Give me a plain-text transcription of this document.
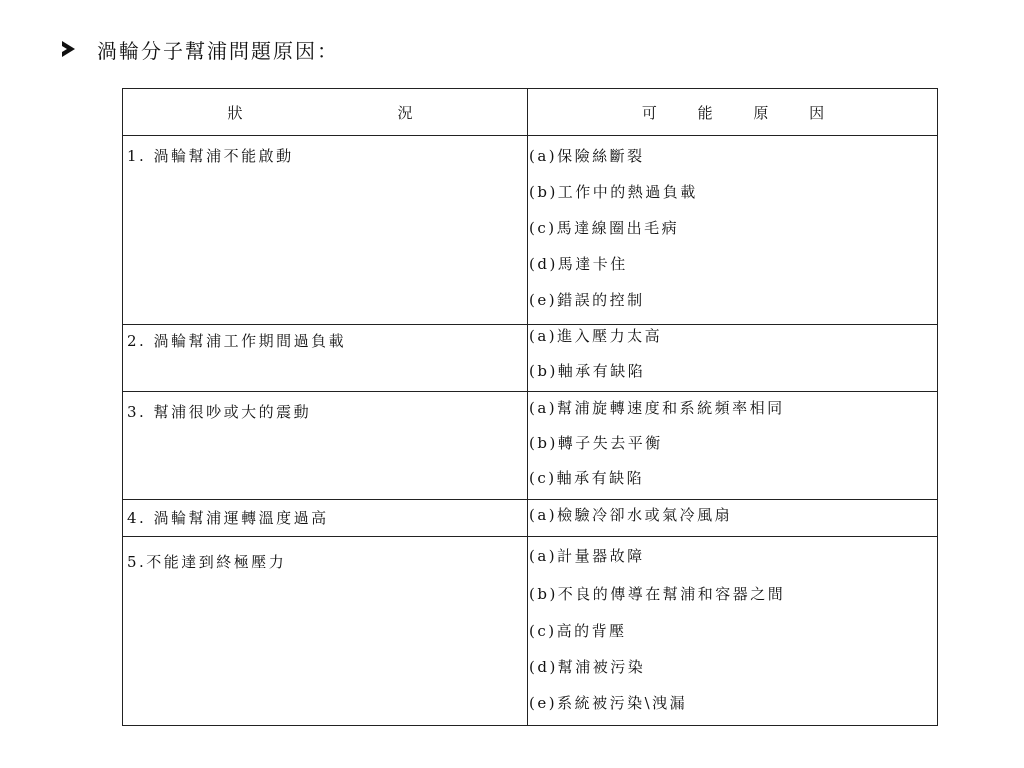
渦輪分子幫浦問題原因：
狀　況	可 能 原 因
1. 渦輪幫浦不能啟動	(a)保險絲斷裂
(b)工作中的熱過負載
(c)馬達線圈出毛病
(d)馬達卡住
(e)錯誤的控制
2. 渦輪幫浦工作期間過負載	(a)進入壓力太高
(b)軸承有缺陷
3. 幫浦很吵或大的震動	(a)幫浦旋轉速度和系統頻率相同
(b)轉子失去平衡
(c)軸承有缺陷
4. 渦輪幫浦運轉溫度過高	(a)檢驗冷卻水或氣冷風扇
5.不能達到終極壓力	(a)計量器故障
(b)不良的傳導在幫浦和容器之間
(c)高的背壓
(d)幫浦被污染
(e)系統被污染\洩漏
